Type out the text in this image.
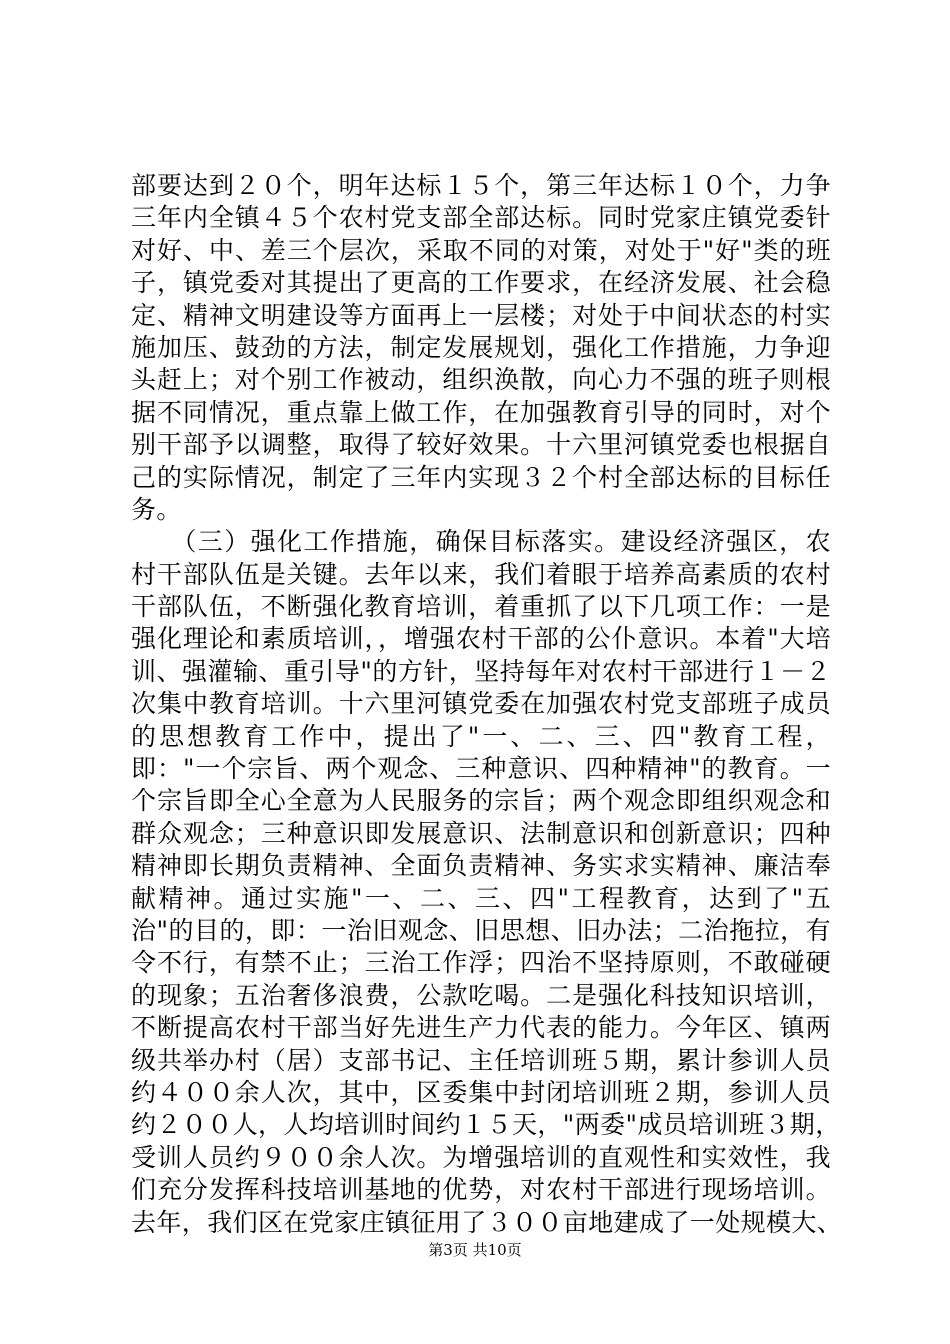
部要达到２０个，明年达标１５个，第三年达标１０个，力争
三年内全镇４５个农村党支部全部达标。同时党家庄镇党委针
对好、中、差三个层次，采取不同的对策，对处于"好"类的班
子，镇党委对其提出了更高的工作要求，在经济发展、社会稳
定、精神文明建设等方面再上一层楼；对处于中间状态的村实
施加压、鼓劲的方法，制定发展规划，强化工作措施，力争迎
头赶上；对个别工作被动，组织涣散，向心力不强的班子则根
据不同情况，重点靠上做工作，在加强教育引导的同时，对个
别干部予以调整，取得了较好效果。十六里河镇党委也根据自
己的实际情况，制定了三年内实现３２个村全部达标的目标任
务。
　　（三）强化工作措施，确保目标落实。建设经济强区，农
村干部队伍是关键。去年以来，我们着眼于培养高素质的农村
干部队伍，不断强化教育培训，着重抓了以下几项工作：一是
强化理论和素质培训，，增强农村干部的公仆意识。本着"大培
训、强灌输、重引导"的方针，坚持每年对农村干部进行１－２
次集中教育培训。十六里河镇党委在加强农村党支部班子成员
的思想教育工作中，提出了"一、二、三、四"教育工程，
即："一个宗旨、两个观念、三种意识、四种精神"的教育。一
个宗旨即全心全意为人民服务的宗旨；两个观念即组织观念和
群众观念；三种意识即发展意识、法制意识和创新意识；四种
精神即长期负责精神、全面负责精神、务实求实精神、廉洁奉
献精神。通过实施"一、二、三、四"工程教育，达到了"五
治"的目的，即：一治旧观念、旧思想、旧办法；二治拖拉，有
令不行，有禁不止；三治工作浮；四治不坚持原则，不敢碰硬
的现象；五治奢侈浪费，公款吃喝。二是强化科技知识培训，
不断提高农村干部当好先进生产力代表的能力。今年区、镇两
级共举办村（居）支部书记、主任培训班５期，累计参训人员
约４００余人次，其中，区委集中封闭培训班２期，参训人员
约２００人，人均培训时间约１５天，"两委"成员培训班３期，
受训人员约９００余人次。为增强培训的直观性和实效性，我
们充分发挥科技培训基地的优势，对农村干部进行现场培训。
去年，我们区在党家庄镇征用了３００亩地建成了一处规模大、
第3页 共10页
